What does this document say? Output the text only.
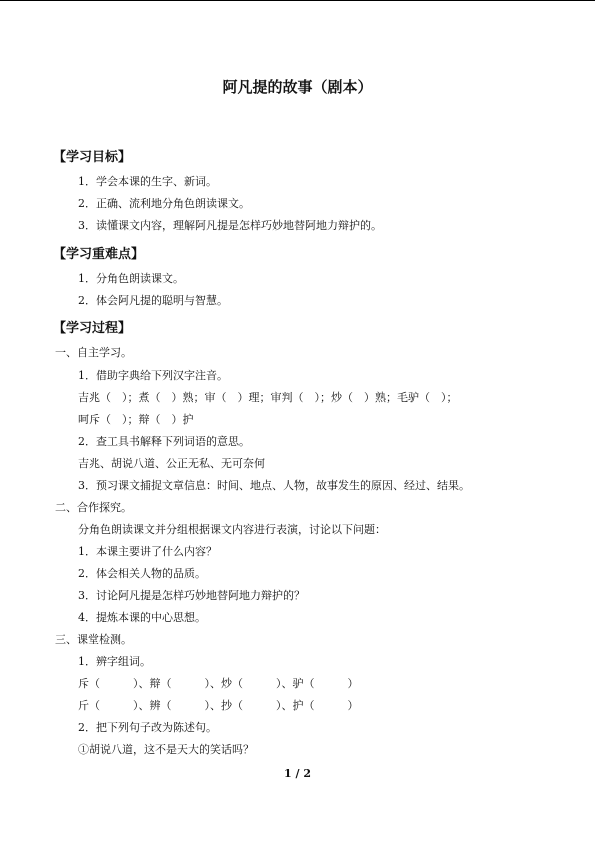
阿凡提的故事（剧本）
【学习目标】
1．学会本课的生字、新词。
2．正确、流利地分角色朗读课文。
3．读懂课文内容，理解阿凡提是怎样巧妙地替阿地力辩护的。
【学习重难点】
1．分角色朗读课文。
2．体会阿凡提的聪明与智慧。
【学习过程】
一、自主学习。
1．借助字典给下列汉字注音。
吉兆（　）；煮（　）熟；审（　）理；审判（　）；炒（　）熟；毛驴（　）；
呵斥（　）；辩（　）护
2．查工具书解释下列词语的意思。
吉兆、胡说八道、公正无私、无可奈何
3．预习课文捕捉文章信息：时间、地点、人物，故事发生的原因、经过、结果。
二、合作探究。
分角色朗读课文并分组根据课文内容进行表演，讨论以下问题：
1．本课主要讲了什么内容？
2．体会相关人物的品质。
3．讨论阿凡提是怎样巧妙地替阿地力辩护的？
4．提炼本课的中心思想。
三、课堂检测。
1．辨字组词。
斥（　　　）、辩（　　　）、炒（　　　）、驴（　　　）
斤（　　　）、辨（　　　）、抄（　　　）、护（　　　）
2．把下列句子改为陈述句。
①胡说八道，这不是天大的笑话吗？
1 / 2
